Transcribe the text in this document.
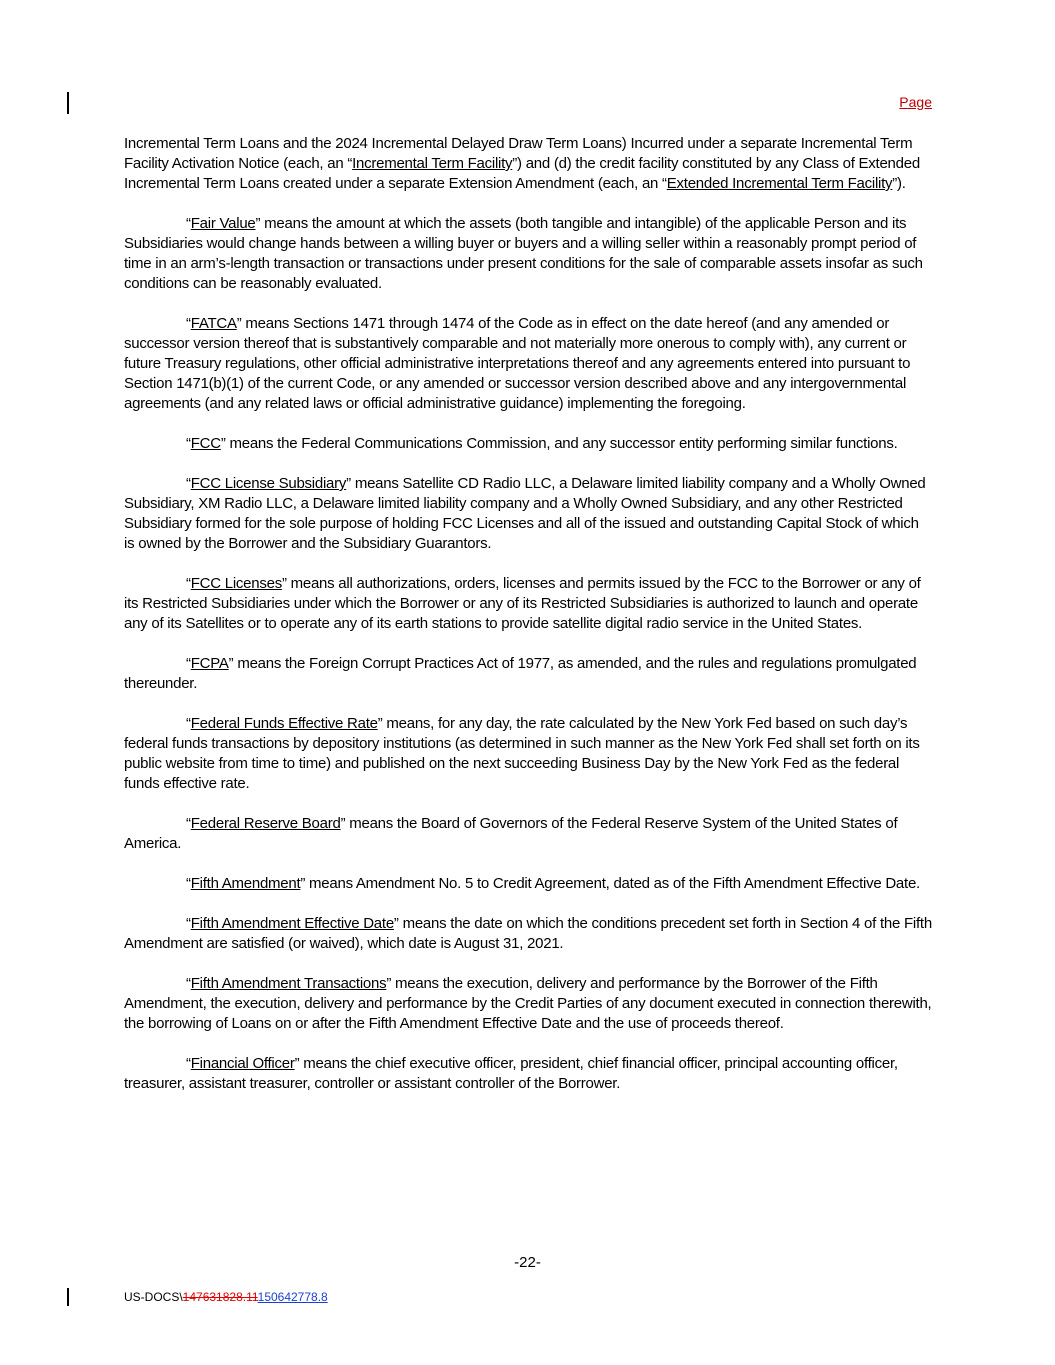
Page

Incremental Term Loans and the 2024 Incremental Delayed Draw Term Loans) Incurred under a separate Incremental Term Facility Activation Notice (each, an “Incremental Term Facility”) and (d) the credit facility constituted by any Class of Extended Incremental Term Loans created under a separate Extension Amendment (each, an “Extended Incremental Term Facility”).

“Fair Value” means the amount at which the assets (both tangible and intangible) of the applicable Person and its Subsidiaries would change hands between a willing buyer or buyers and a willing seller within a reasonably prompt period of time in an arm’s-length transaction or transactions under present conditions for the sale of comparable assets insofar as such conditions can be reasonably evaluated.

“FATCA” means Sections 1471 through 1474 of the Code as in effect on the date hereof (and any amended or successor version thereof that is substantively comparable and not materially more onerous to comply with), any current or future Treasury regulations, other official administrative interpretations thereof and any agreements entered into pursuant to Section 1471(b)(1) of the current Code, or any amended or successor version described above and any intergovernmental agreements (and any related laws or official administrative guidance) implementing the foregoing.

“FCC” means the Federal Communications Commission, and any successor entity performing similar functions.

“FCC License Subsidiary” means Satellite CD Radio LLC, a Delaware limited liability company and a Wholly Owned Subsidiary, XM Radio LLC, a Delaware limited liability company and a Wholly Owned Subsidiary, and any other Restricted Subsidiary formed for the sole purpose of holding FCC Licenses and all of the issued and outstanding Capital Stock of which is owned by the Borrower and the Subsidiary Guarantors.

“FCC Licenses” means all authorizations, orders, licenses and permits issued by the FCC to the Borrower or any of its Restricted Subsidiaries under which the Borrower or any of its Restricted Subsidiaries is authorized to launch and operate any of its Satellites or to operate any of its earth stations to provide satellite digital radio service in the United States.

“FCPA” means the Foreign Corrupt Practices Act of 1977, as amended, and the rules and regulations promulgated thereunder.

“Federal Funds Effective Rate” means, for any day, the rate calculated by the New York Fed based on such day’s federal funds transactions by depository institutions (as determined in such manner as the New York Fed shall set forth on its public website from time to time) and published on the next succeeding Business Day by the New York Fed as the federal funds effective rate.

“Federal Reserve Board” means the Board of Governors of the Federal Reserve System of the United States of America.

“Fifth Amendment” means Amendment No. 5 to Credit Agreement, dated as of the Fifth Amendment Effective Date.

“Fifth Amendment Effective Date” means the date on which the conditions precedent set forth in Section 4 of the Fifth Amendment are satisfied (or waived), which date is August 31, 2021.

“Fifth Amendment Transactions” means the execution, delivery and performance by the Borrower of the Fifth Amendment, the execution, delivery and performance by the Credit Parties of any document executed in connection therewith, the borrowing of Loans on or after the Fifth Amendment Effective Date and the use of proceeds thereof.

“Financial Officer” means the chief executive officer, president, chief financial officer, principal accounting officer, treasurer, assistant treasurer, controller or assistant controller of the Borrower.

-22-
US-DOCS\147631828.11150642778.8
